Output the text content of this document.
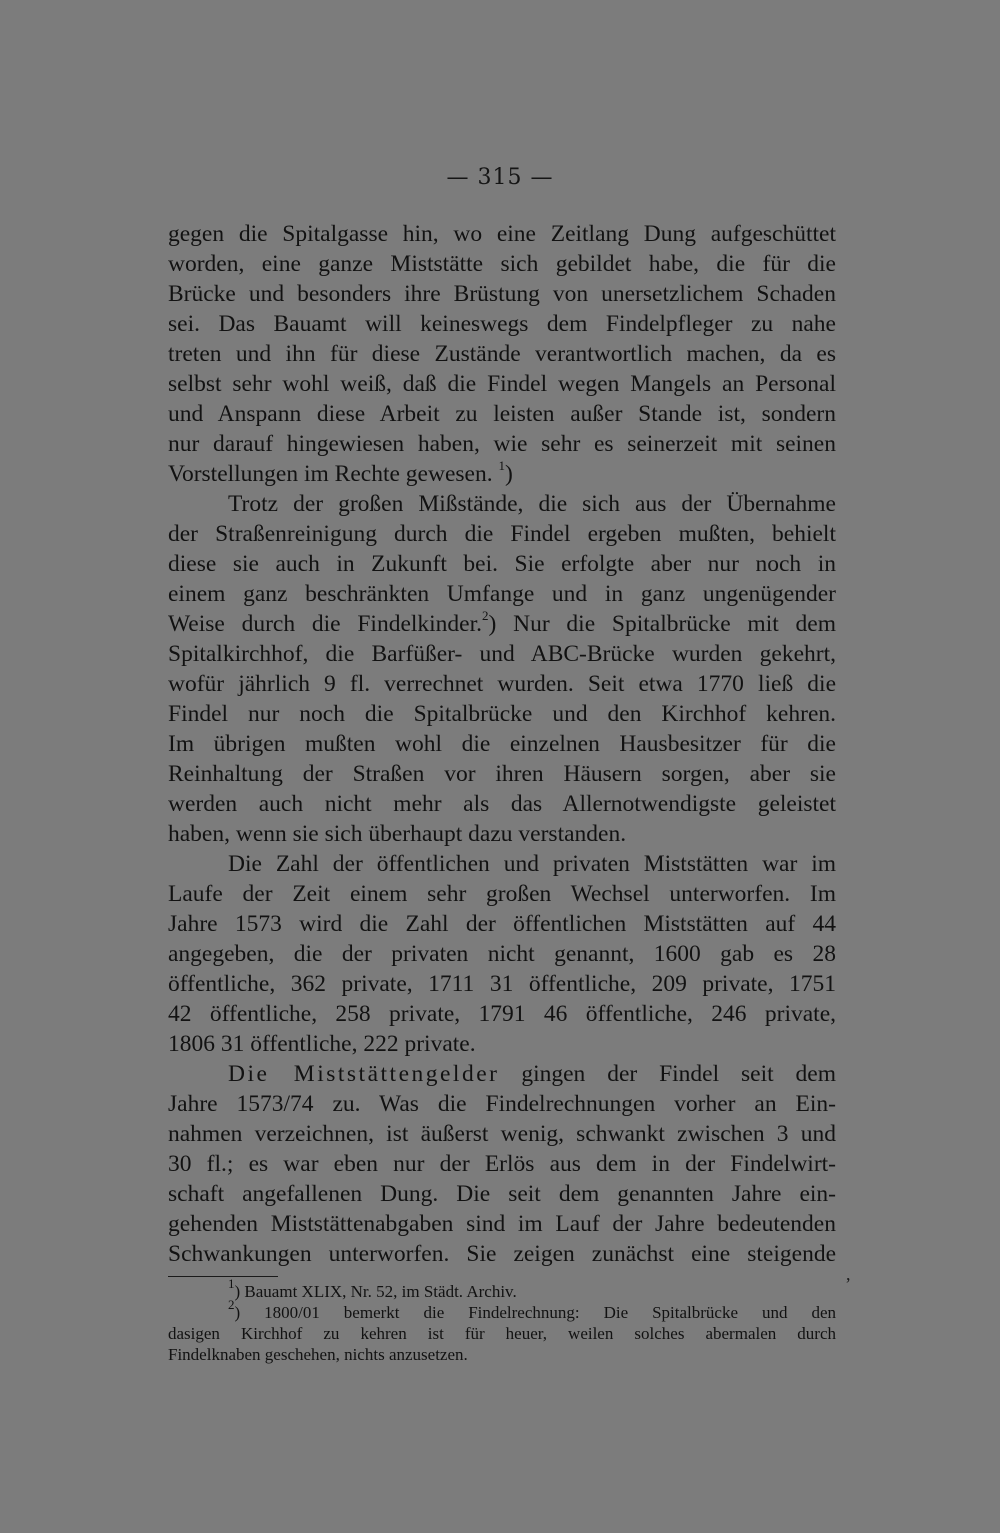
— 315 —
gegen die Spitalgasse hin, wo eine Zeitlang Dung aufgeschüttet
worden, eine ganze Miststätte sich gebildet habe, die für die
Brücke und besonders ihre Brüstung von unersetzlichem Schaden
sei. Das Bauamt will keineswegs dem Findelpfleger zu nahe
treten und ihn für diese Zustände verantwortlich machen, da es
selbst sehr wohl weiß, daß die Findel wegen Mangels an Personal
und Anspann diese Arbeit zu leisten außer Stande ist, sondern
nur darauf hingewiesen haben, wie sehr es seinerzeit mit seinen
Vorstellungen im Rechte gewesen. $^1$)
Trotz der großen Mißstände, die sich aus der Übernahme
der Straßenreinigung durch die Findel ergeben mußten, behielt
diese sie auch in Zukunft bei. Sie erfolgte aber nur noch in
einem ganz beschränkten Umfange und in ganz ungenügender
Weise durch die Findelkinder.$^2$) Nur die Spitalbrücke mit dem
Spitalkirchhof, die Barfüßer- und ABC-Brücke wurden gekehrt,
wofür jährlich 9 fl. verrechnet wurden. Seit etwa 1770 ließ die
Findel nur noch die Spitalbrücke und den Kirchhof kehren.
Im übrigen mußten wohl die einzelnen Hausbesitzer für die
Reinhaltung der Straßen vor ihren Häusern sorgen, aber sie
werden auch nicht mehr als das Allernotwendigste geleistet
haben, wenn sie sich überhaupt dazu verstanden.
Die Zahl der öffentlichen und privaten Miststätten war im
Laufe der Zeit einem sehr großen Wechsel unterworfen. Im
Jahre 1573 wird die Zahl der öffentlichen Miststätten auf 44
angegeben, die der privaten nicht genannt, 1600 gab es 28
öffentliche, 362 private, 1711 31 öffentliche, 209 private, 1751
42 öffentliche, 258 private, 1791 46 öffentliche, 246 private,
1806 31 öffentliche, 222 private.
Die Miststättengelder gingen der Findel seit dem
Jahre 1573/74 zu. Was die Findelrechnungen vorher an Ein-
nahmen verzeichnen, ist äußerst wenig, schwankt zwischen 3 und
30 fl.; es war eben nur der Erlös aus dem in der Findelwirt-
schaft angefallenen Dung. Die seit dem genannten Jahre ein-
gehenden Miststättenabgaben sind im Lauf der Jahre bedeutenden
Schwankungen unterworfen. Sie zeigen zunächst eine steigende
,
$^1$) Bauamt XLIX, Nr. 52, im Städt. Archiv.
$^2$) 1800/01 bemerkt die Findelrechnung: Die Spitalbrücke und den
dasigen Kirchhof zu kehren ist für heuer, weilen solches abermalen durch
Findelknaben geschehen, nichts anzusetzen.
